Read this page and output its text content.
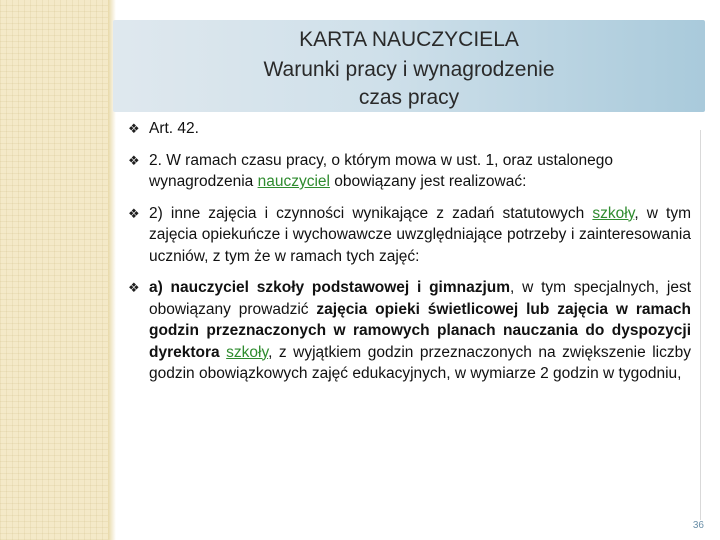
KARTA NAUCZYCIELA
Warunki pracy i wynagrodzenie
czas pracy
❖ Art. 42.
❖ 2. W ramach czasu pracy, o którym mowa w ust. 1, oraz ustalonego wynagrodzenia nauczyciel obowiązany jest realizować:
❖ 2) inne zajęcia i czynności wynikające z zadań statutowych szkoły, w tym zajęcia opiekuńcze i wychowawcze uwzględniające potrzeby i zainteresowania uczniów, z tym że w ramach tych zajęć:
❖ a) nauczyciel szkoły podstawowej i gimnazjum, w tym specjalnych, jest obowiązany prowadzić zajęcia opieki świetlicowej lub zajęcia w ramach godzin przeznaczonych w ramowych planach nauczania do dyspozycji dyrektora szkoły, z wyjątkiem godzin przeznaczonych na zwiększenie liczby godzin obowiązkowych zajęć edukacyjnych, w wymiarze 2 godzin w tygodniu,
36
